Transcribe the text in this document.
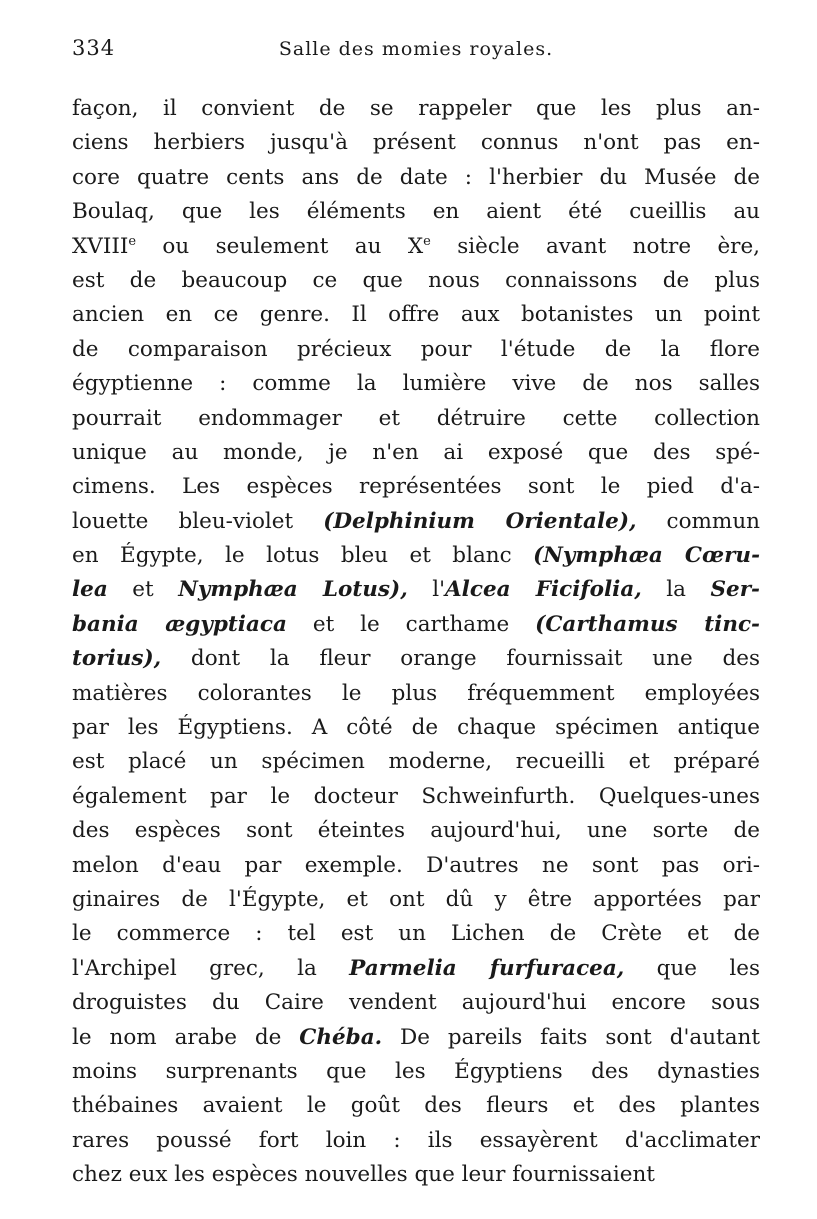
334	Salle des momies royales.
façon, il convient de se rappeler que les plus an-
ciens herbiers jusqu'à présent connus n'ont pas en-
core quatre cents ans de date : l'herbier du Musée de
Boulaq, que les éléments en aient été cueillis au
XVIIIe ou seulement au Xe siècle avant notre ère,
est de beaucoup ce que nous connaissons de plus
ancien en ce genre. Il offre aux botanistes un point
de comparaison précieux pour l'étude de la flore
égyptienne : comme la lumière vive de nos salles
pourrait endommager et détruire cette collection
unique au monde, je n'en ai exposé que des spé-
cimens. Les espèces représentées sont le pied d'a-
louette bleu-violet (Delphinium Orientale), commun
en Égypte, le lotus bleu et blanc (Nymphæa Cœru-
lea et Nymphæa Lotus), l'Alcea Ficifolia, la Ser-
bania ægyptiaca et le carthame (Carthamus tinc-
torius), dont la fleur orange fournissait une des
matières colorantes le plus fréquemment employées
par les Égyptiens. A côté de chaque spécimen antique
est placé un spécimen moderne, recueilli et préparé
également par le docteur Schweinfurth. Quelques-unes
des espèces sont éteintes aujourd'hui, une sorte de
melon d'eau par exemple. D'autres ne sont pas ori-
ginaires de l'Égypte, et ont dû y être apportées par
le commerce : tel est un Lichen de Crète et de
l'Archipel grec, la Parmelia furfuracea, que les
droguistes du Caire vendent aujourd'hui encore sous
le nom arabe de Chéba. De pareils faits sont d'autant
moins surprenants que les Égyptiens des dynasties
thébaines avaient le goût des fleurs et des plantes
rares poussé fort loin : ils essayèrent d'acclimater
chez eux les espèces nouvelles que leur fournissaient
